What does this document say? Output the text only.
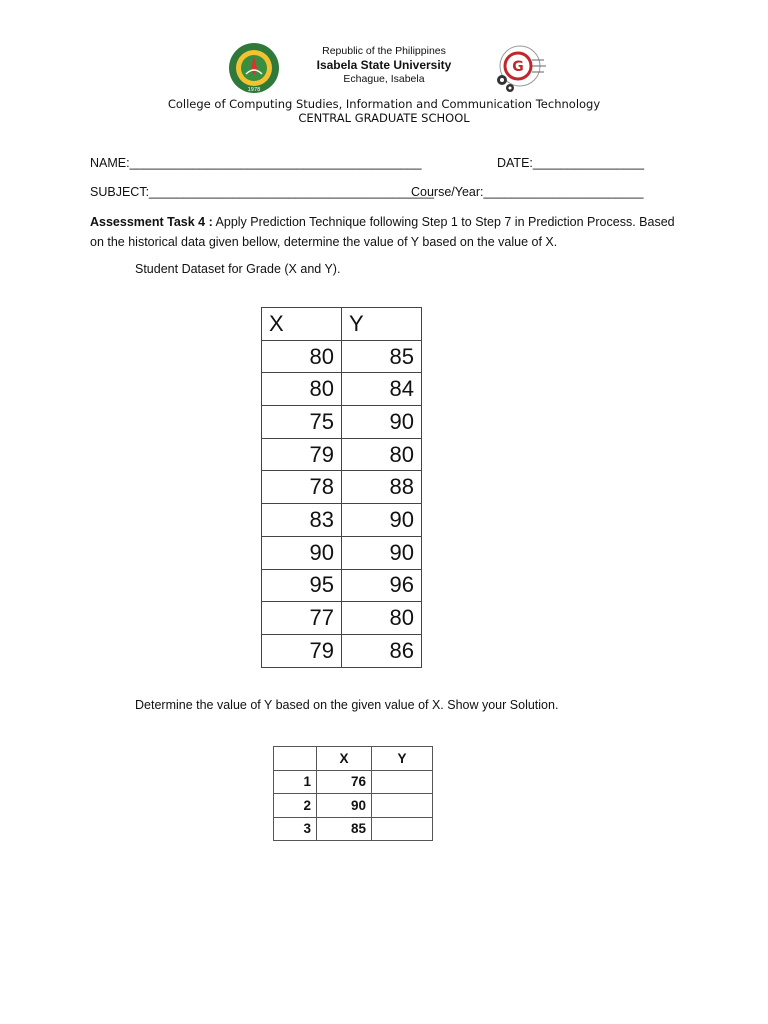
1978
Republic of the Philippines
Isabela State University
Echague, Isabela
G
College of Computing Studies, Information and Communication Technology
CENTRAL GRADUATE SCHOOL
NAME:__________________________________________	DATE:________________
SUBJECT:_________________________________________
Course/Year:_______________________
Assessment Task 4 : Apply Prediction Technique following Step 1 to Step 7 in Prediction Process. Based on the historical data given bellow, determine the value of Y based on the value of X.
Student Dataset for Grade (X and Y).
X	Y
80	85
80	84
75	90
79	80
78	88
83	90
90	90
95	96
77	80
79	86
Determine the value of Y based on the given value of X. Show your Solution.
	X	Y
1	76	
2	90	
3	85	
